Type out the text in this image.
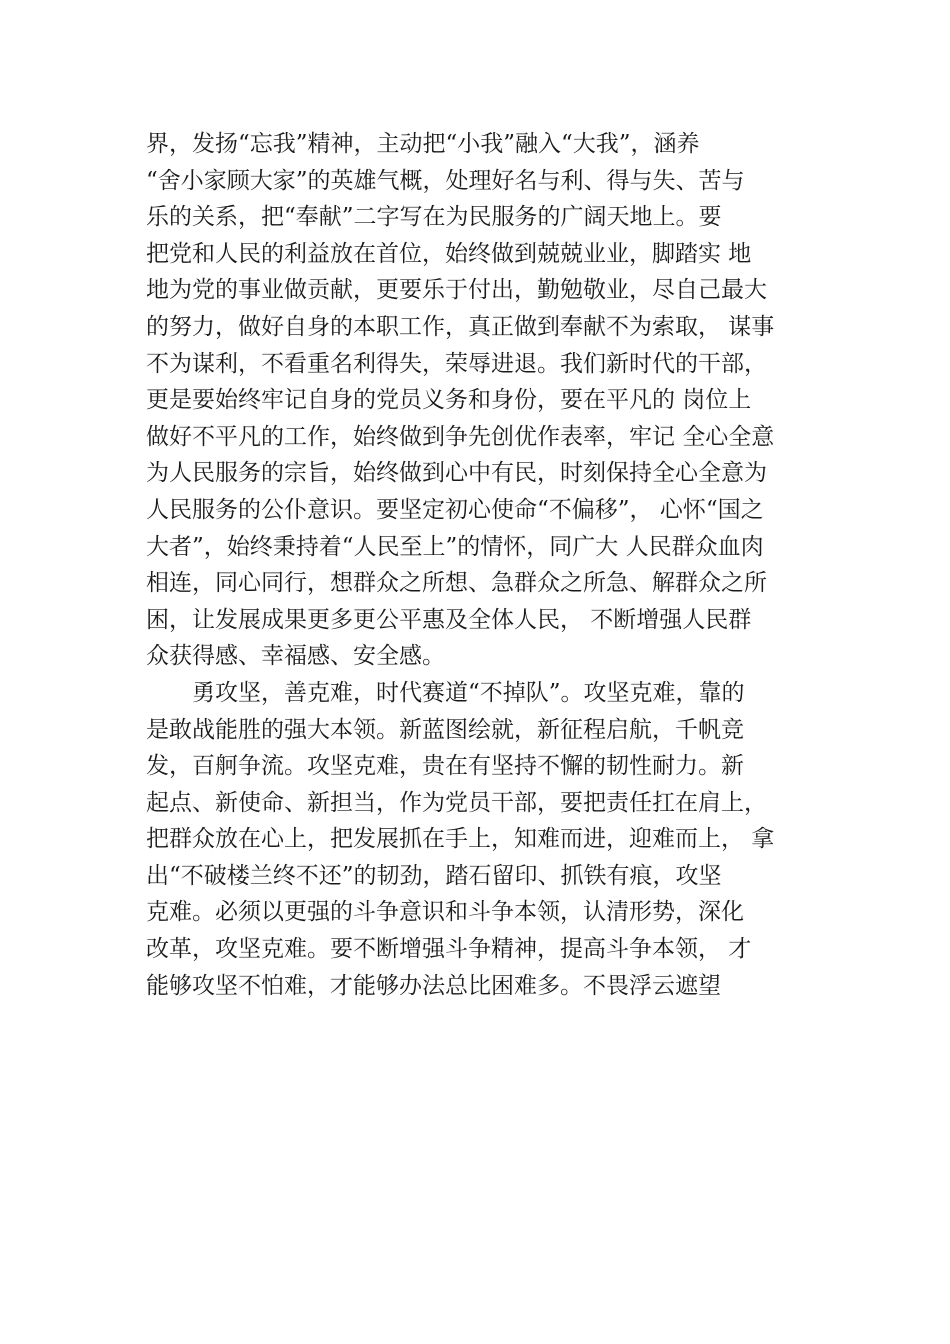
界，发扬“忘我”精神，主动把“小我”融入“大我”，涵养
“舍小家顾大家”的英雄气概，处理好名与利、得与失、苦与
乐的关系，把“奉献”二字写在为民服务的广阔天地上。要
把党和人民的利益放在首位，始终做到兢兢业业，脚踏实 地
地为党的事业做贡献，更要乐于付出，勤勉敬业，尽自己最大
的努力，做好自身的本职工作，真正做到奉献不为索取， 谋事
不为谋利，不看重名利得失，荣辱进退。我们新时代的干部，
更是要始终牢记自身的党员义务和身份，要在平凡的 岗位上
做好不平凡的工作，始终做到争先创优作表率，牢记 全心全意
为人民服务的宗旨，始终做到心中有民，时刻保持全心全意为
人民服务的公仆意识。要坚定初心使命“不偏移”， 心怀“国之
大者”，始终秉持着“人民至上”的情怀，同广大 人民群众血肉
相连，同心同行，想群众之所想、急群众之所急、解群众之所
困，让发展成果更多更公平惠及全体人民， 不断增强人民群
众获得感、幸福感、安全感。
勇攻坚，善克难，时代赛道“不掉队”。攻坚克难，靠的
是敢战能胜的强大本领。新蓝图绘就，新征程启航，千帆竞
发，百舸争流。攻坚克难，贵在有坚持不懈的韧性耐力。新
起点、新使命、新担当，作为党员干部，要把责任扛在肩上，
把群众放在心上，把发展抓在手上，知难而进，迎难而上， 拿
出“不破楼兰终不还”的韧劲，踏石留印、抓铁有痕，攻坚
克难。必须以更强的斗争意识和斗争本领，认清形势，深化
改革，攻坚克难。要不断增强斗争精神，提高斗争本领， 才
能够攻坚不怕难，才能够办法总比困难多。不畏浮云遮望
